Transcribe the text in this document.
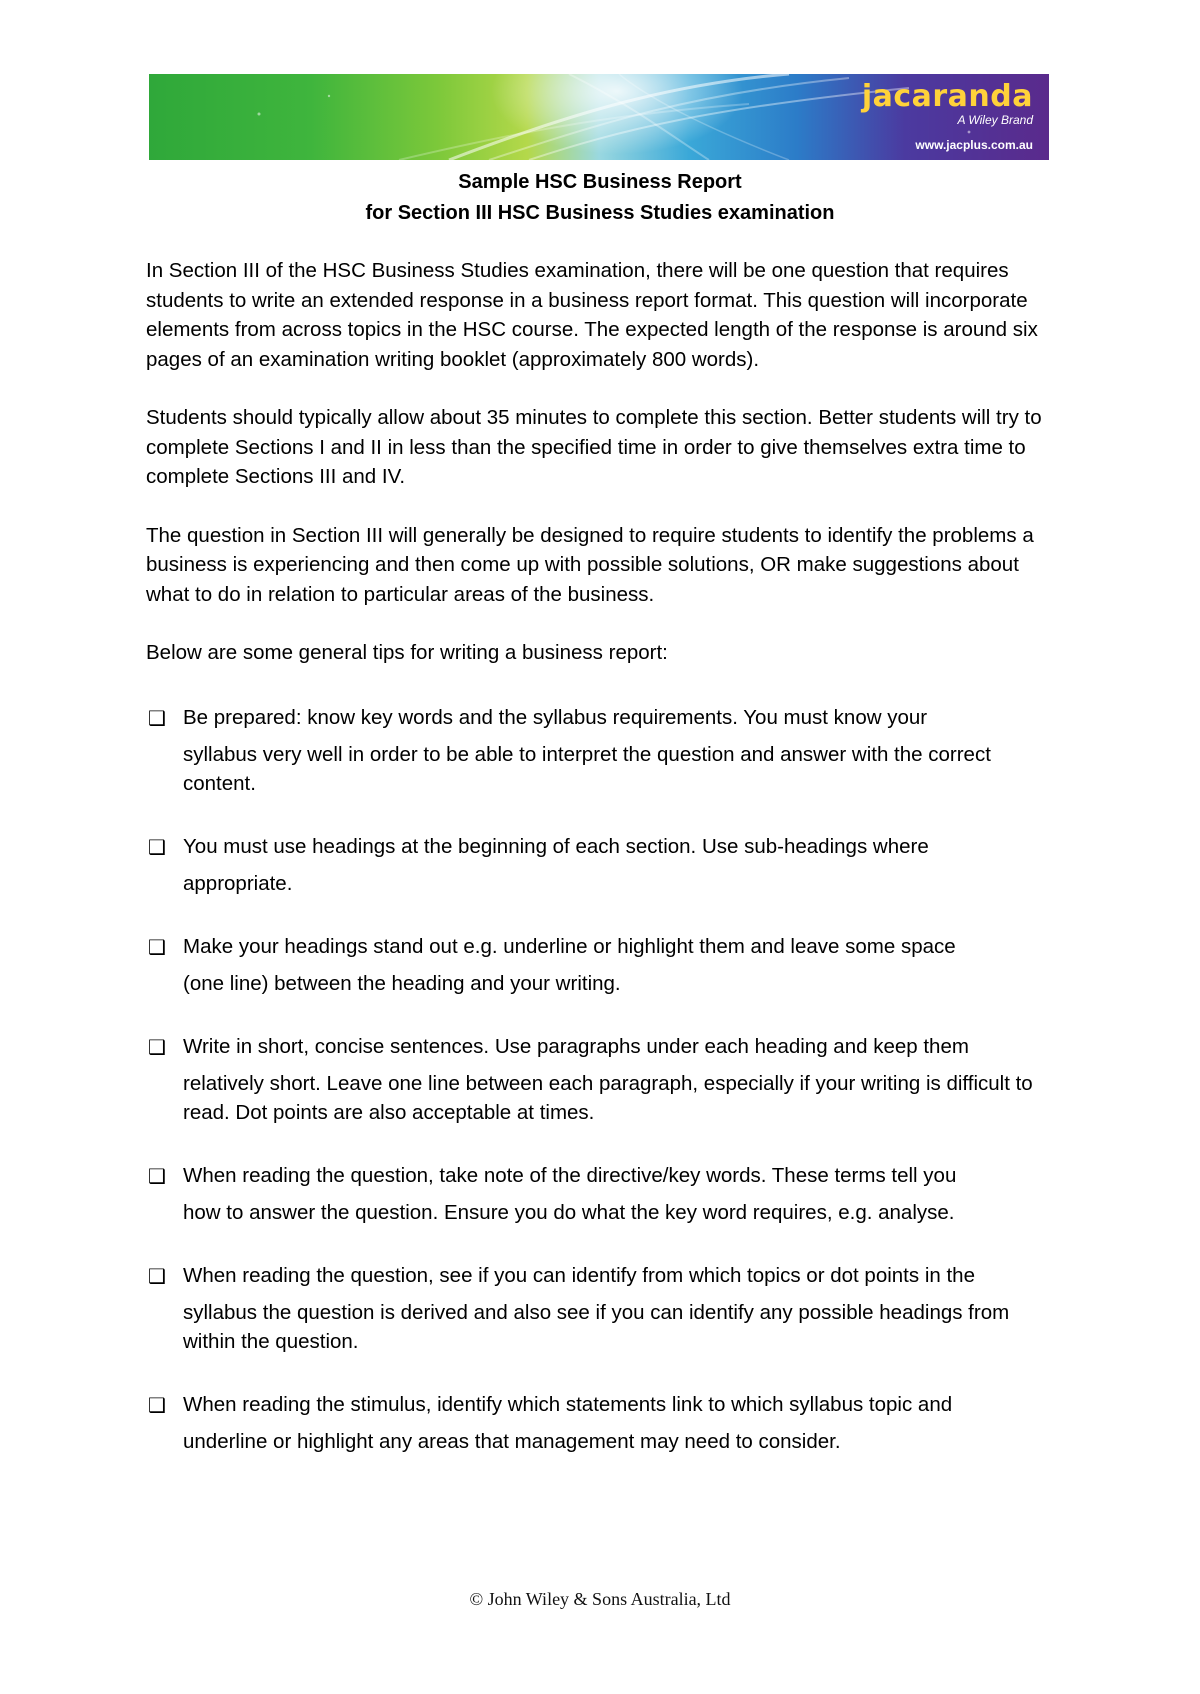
jacaranda
A Wiley Brand
www.jacplus.com.au
Sample HSC Business Report
for Section III HSC Business Studies examination

In Section III of the HSC Business Studies examination, there will be one question that requires students to write an extended response in a business report format. This question will incorporate elements from across topics in the HSC course. The expected length of the response is around six pages of an examination writing booklet (approximately 800 words).

Students should typically allow about 35 minutes to complete this section. Better students will try to complete Sections I and II in less than the specified time in order to give themselves extra time to complete Sections III and IV.

The question in Section III will generally be designed to require students to identify the problems a business is experiencing and then come up with possible solutions, OR make suggestions about what to do in relation to particular areas of the business.

Below are some general tips for writing a business report:

❑ Be prepared: know key words and the syllabus requirements. You must know your
syllabus very well in order to be able to interpret the question and answer with the correct content.
❑ You must use headings at the beginning of each section. Use sub-headings where
appropriate.
❑ Make your headings stand out e.g. underline or highlight them and leave some space
(one line) between the heading and your writing.
❑ Write in short, concise sentences. Use paragraphs under each heading and keep them
relatively short. Leave one line between each paragraph, especially if your writing is difficult to read. Dot points are also acceptable at times.
❑ When reading the question, take note of the directive/key words. These terms tell you
how to answer the question. Ensure you do what the key word requires, e.g. analyse.
❑ When reading the question, see if you can identify from which topics or dot points in the
syllabus the question is derived and also see if you can identify any possible headings from within the question.
❑ When reading the stimulus, identify which statements link to which syllabus topic and
underline or highlight any areas that management may need to consider.
© John Wiley & Sons Australia, Ltd
